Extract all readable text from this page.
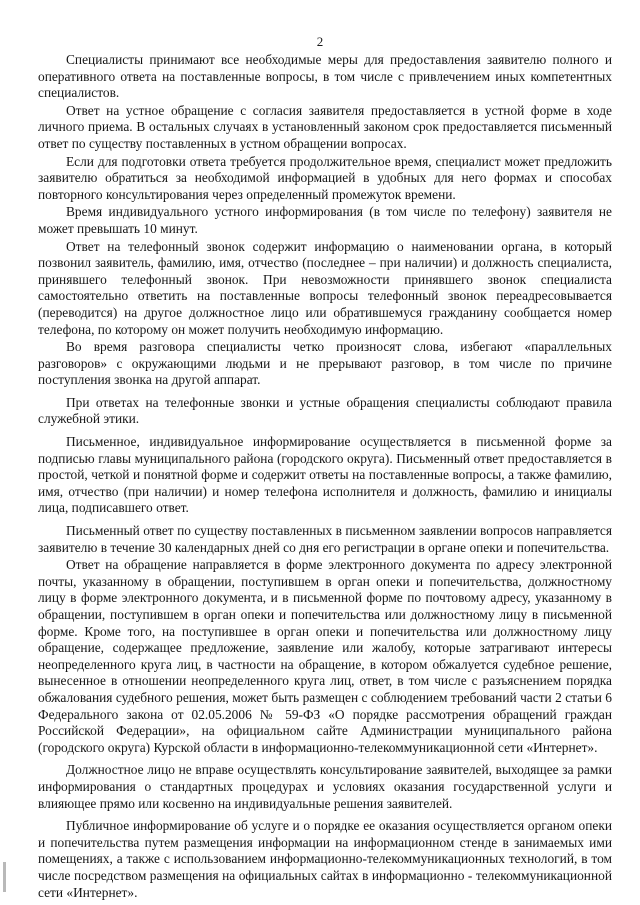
2

Специалисты принимают все необходимые меры для предоставления заявителю полного и оперативного ответа на поставленные вопросы, в том числе с привлечением иных компетентных специалистов.

Ответ на устное обращение с согласия заявителя предоставляется в устной форме в ходе личного приема. В остальных случаях в установленный законом срок предоставляется письменный ответ по существу поставленных в устном обращении вопросах.

Если для подготовки ответа требуется продолжительное время, специалист может предложить заявителю обратиться за необходимой информацией в удобных для него формах и способах повторного консультирования через определенный промежуток времени.

Время индивидуального устного информирования (в том числе по телефону) заявителя не может превышать 10 минут.

Ответ на телефонный звонок содержит информацию о наименовании органа, в который позвонил заявитель, фамилию, имя, отчество (последнее – при наличии) и должность специалиста, принявшего телефонный звонок. При невозможности принявшего звонок специалиста самостоятельно ответить на поставленные вопросы телефонный звонок переадресовывается (переводится) на другое должностное лицо или обратившемуся гражданину сообщается номер телефона, по которому он может получить необходимую информацию.

Во время разговора специалисты четко произносят слова, избегают «параллельных разговоров» с окружающими людьми и не прерывают разговор, в том числе по причине поступления звонка на другой аппарат.

При ответах на телефонные звонки и устные обращения специалисты соблюдают правила служебной этики.

Письменное, индивидуальное информирование осуществляется в письменной форме за подписью главы муниципального района (городского округа). Письменный ответ предоставляется в простой, четкой и понятной форме и содержит ответы на поставленные вопросы, а также фамилию, имя, отчество (при наличии) и номер телефона исполнителя и должность, фамилию и инициалы лица, подписавшего ответ.

Письменный ответ по существу поставленных в письменном заявлении вопросов направляется заявителю в течение 30 календарных дней со дня его регистрации в органе опеки и попечительства.

Ответ на обращение направляется в форме электронного документа по адресу электронной почты, указанному в обращении, поступившем в орган опеки и попечительства, должностному лицу в форме электронного документа, и в письменной форме по почтовому адресу, указанному в обращении, поступившем в орган опеки и попечительства или должностному лицу в письменной форме. Кроме того, на поступившее в орган опеки и попечительства или должностному лицу обращение, содержащее предложение, заявление или жалобу, которые затрагивают интересы неопределенного круга лиц, в частности на обращение, в котором обжалуется судебное решение, вынесенное в отношении неопределенного круга лиц, ответ, в том числе с разъяснением порядка обжалования судебного решения, может быть размещен с соблюдением требований части 2 статьи 6 Федерального закона от 02.05.2006 № 59-ФЗ «О порядке рассмотрения обращений граждан Российской Федерации», на официальном сайте Администрации муниципального района (городского округа) Курской области в информационно-телекоммуникационной сети «Интернет».

Должностное лицо не вправе осуществлять консультирование заявителей, выходящее за рамки информирования о стандартных процедурах и условиях оказания государственной услуги и влияющее прямо или косвенно на индивидуальные решения заявителей.

Публичное информирование об услуге и о порядке ее оказания осуществляется органом опеки и попечительства путем размещения информации на информационном стенде в занимаемых ими помещениях, а также с использованием информационно-телекоммуникационных технологий, в том числе посредством размещения на официальных сайтах в информационно - телекоммуникационной сети «Интернет».
